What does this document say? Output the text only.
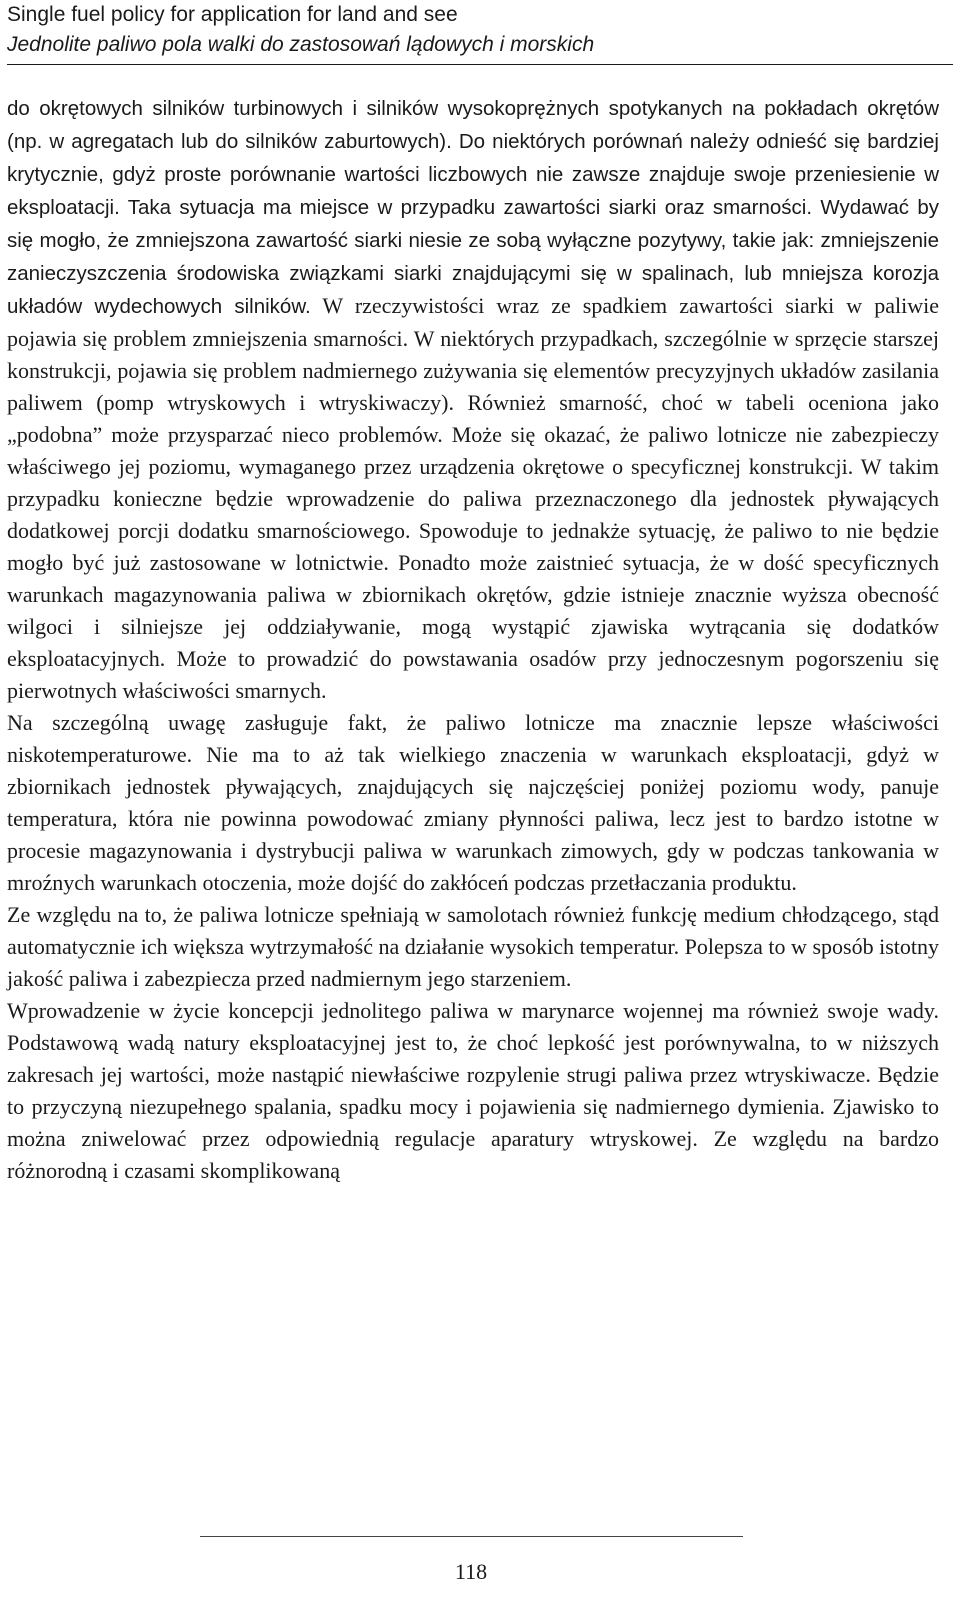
Single fuel policy for application for land and see
Jednolite paliwo pola walki do zastosowań lądowych i morskich

do okrętowych silników turbinowych i silników wysokoprężnych spotykanych na pokładach okrętów (np. w agregatach lub do silników zaburtowych). Do niektórych porównań należy odnieść się bardziej krytycznie, gdyż proste porównanie wartości liczbowych nie zawsze znajduje swoje przeniesienie w eksploatacji. Taka sytuacja ma miejsce w przypadku zawartości siarki oraz smarności. Wydawać by się mogło, że zmniejszona zawartość siarki niesie ze sobą wyłączne pozytywy, takie jak: zmniejszenie zanieczyszczenia środowiska związkami siarki znajdującymi się w spalinach, lub mniejsza korozja układów wydechowych silników. W rzeczywistości wraz ze spadkiem zawartości siarki w paliwie pojawia się problem zmniejszenia smarności. W niektórych przypadkach, szczególnie w sprzęcie starszej konstrukcji, pojawia się problem nadmiernego zużywania się elementów precyzyjnych układów zasilania paliwem (pomp wtryskowych i wtryskiwaczy). Również smarność, choć w tabeli oceniona jako „podobna” może przysparzać nieco problemów. Może się okazać, że paliwo lotnicze nie zabezpieczy właściwego jej poziomu, wymaganego przez urządzenia okrętowe o specyficznej konstrukcji. W takim przypadku konieczne będzie wprowadzenie do paliwa przeznaczonego dla jednostek pływających dodatkowej porcji dodatku smarnościowego. Spowoduje to jednakże sytuację, że paliwo to nie będzie mogło być już zastosowane w lotnictwie. Ponadto może zaistnieć sytuacja, że w dość specyficznych warunkach magazynowania paliwa w zbiornikach okrętów, gdzie istnieje znacznie wyższa obecność wilgoci i silniejsze jej oddziaływanie, mogą wystąpić zjawiska wytrącania się dodatków eksploatacyjnych. Może to prowadzić do powstawania osadów przy jednoczesnym pogorszeniu się pierwotnych właściwości smarnych.

Na szczególną uwagę zasługuje fakt, że paliwo lotnicze ma znacznie lepsze właściwości niskotemperaturowe. Nie ma to aż tak wielkiego znaczenia w warunkach eksploatacji, gdyż w zbiornikach jednostek pływających, znajdujących się najczęściej poniżej poziomu wody, panuje temperatura, która nie powinna powodować zmiany płynności paliwa, lecz jest to bardzo istotne w procesie magazynowania i dystrybucji paliwa w warunkach zimowych, gdy w podczas tankowania w mroźnych warunkach otoczenia, może dojść do zakłóceń podczas przetłaczania produktu.

Ze względu na to, że paliwa lotnicze spełniają w samolotach również funkcję medium chłodzącego, stąd automatycznie ich większa wytrzymałość na działanie wysokich temperatur. Polepsza to w sposób istotny jakość paliwa i zabezpiecza przed nadmiernym jego starzeniem.

Wprowadzenie w życie koncepcji jednolitego paliwa w marynarce wojennej ma również swoje wady. Podstawową wadą natury eksploatacyjnej jest to, że choć lepkość jest porównywalna, to w niższych zakresach jej wartości, może nastąpić niewłaściwe rozpylenie strugi paliwa przez wtryskiwacze. Będzie to przyczyną niezupełnego spalania, spadku mocy i pojawienia się nadmiernego dymienia. Zjawisko to można zniwelować przez odpowiednią regulacje aparatury wtryskowej. Ze względu na bardzo różnorodną i czasami skomplikowaną

118
